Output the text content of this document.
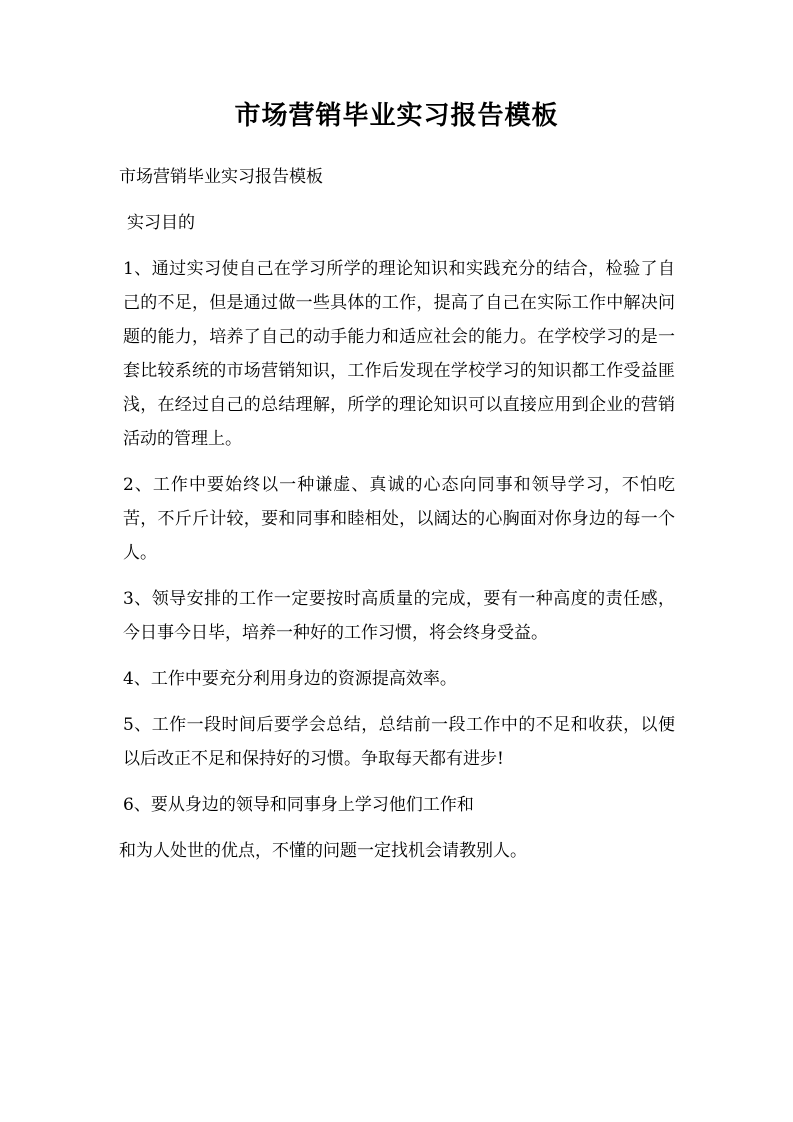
市场营销毕业实习报告模板

市场营销毕业实习报告模板

实习目的

1、通过实习使自己在学习所学的理论知识和实践充分的结合，检验了自己的不足，但是通过做一些具体的工作，提高了自己在实际工作中解决问题的能力，培养了自己的动手能力和适应社会的能力。在学校学习的是一套比较系统的市场营销知识，工作后发现在学校学习的知识都工作受益匪浅，在经过自己的总结理解，所学的理论知识可以直接应用到企业的营销活动的管理上。

2、工作中要始终以一种谦虚、真诚的心态向同事和领导学习，不怕吃苦，不斤斤计较，要和同事和睦相处，以阔达的心胸面对你身边的每一个人。

3、领导安排的工作一定要按时高质量的完成，要有一种高度的责任感，今日事今日毕，培养一种好的工作习惯，将会终身受益。

4、工作中要充分利用身边的资源提高效率。

5、工作一段时间后要学会总结，总结前一段工作中的不足和收获，以便以后改正不足和保持好的习惯。争取每天都有进步!

6、要从身边的领导和同事身上学习他们工作和

和为人处世的优点，不懂的问题一定找机会请教别人。
